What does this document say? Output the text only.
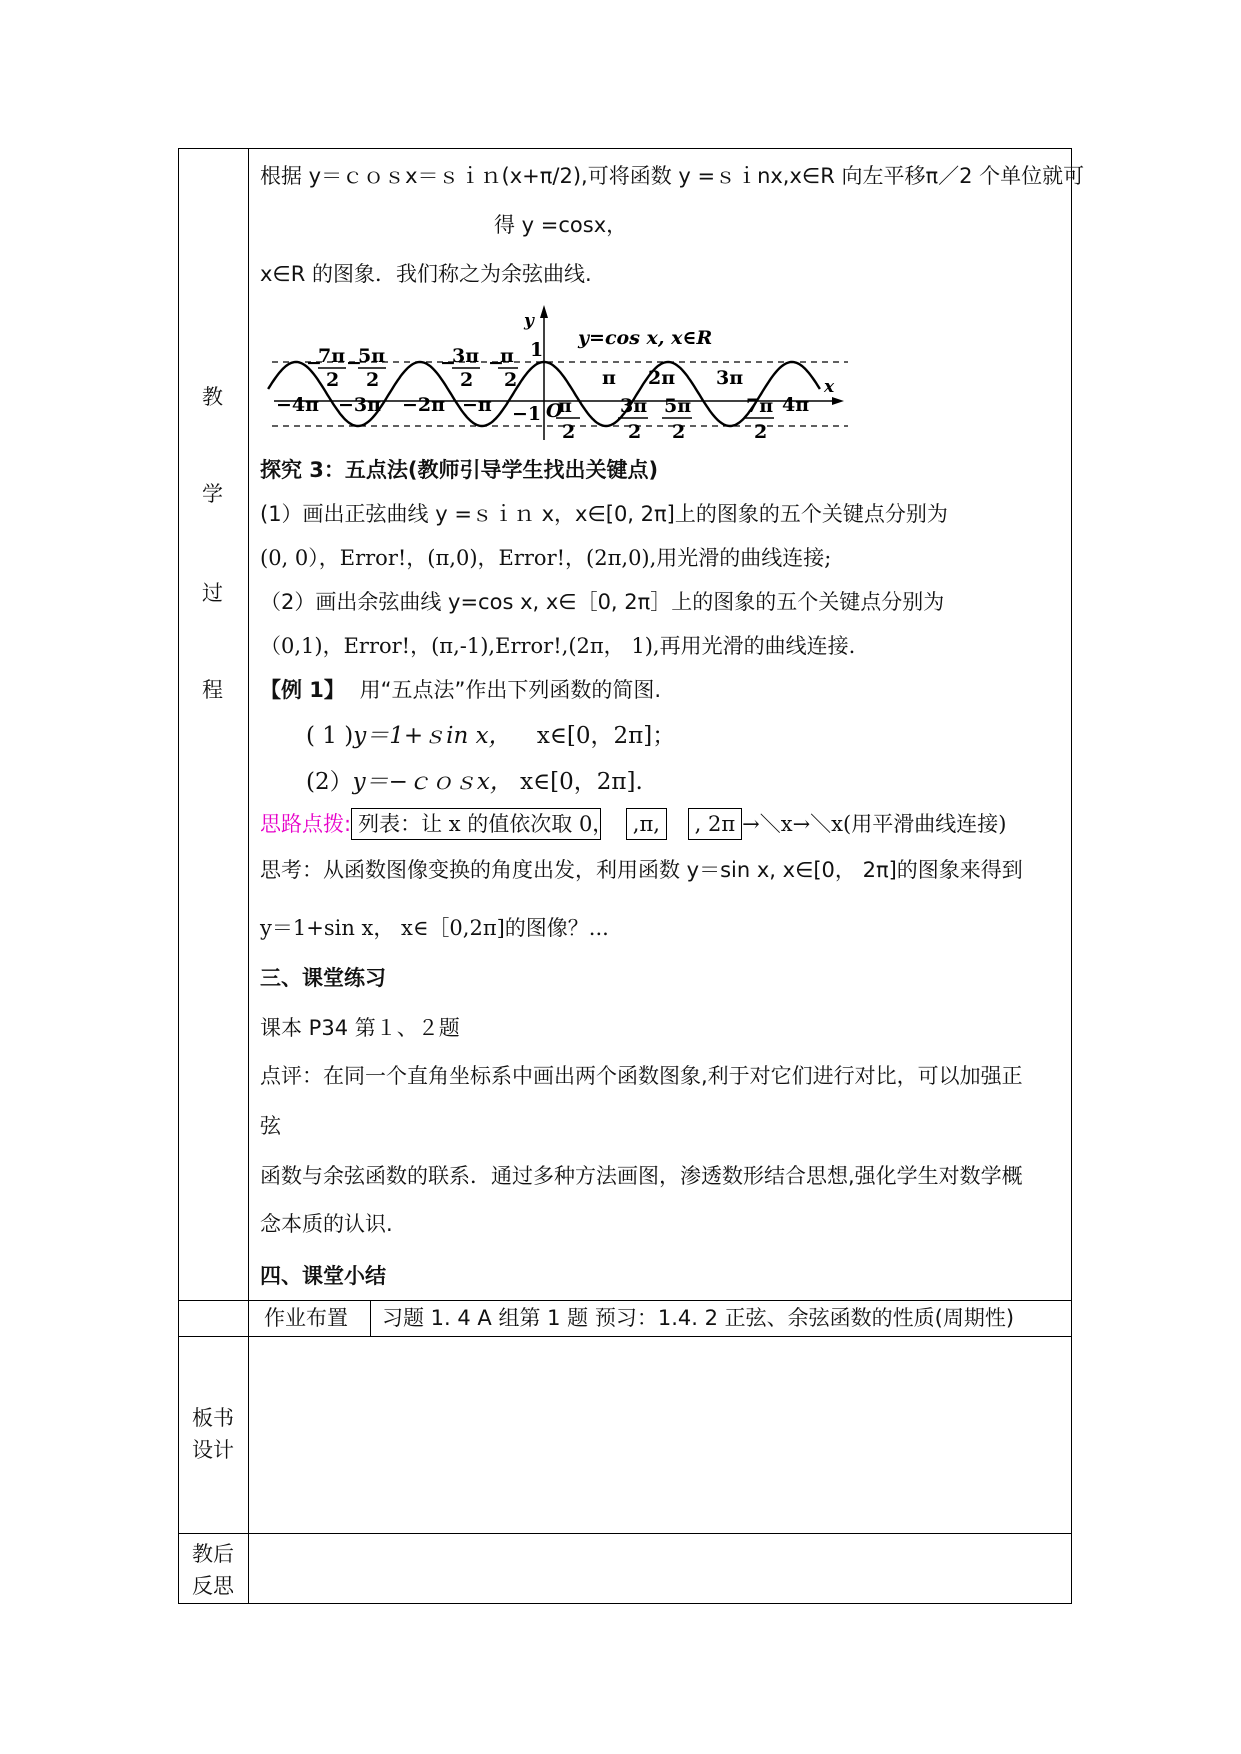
教
学
过
程
板书
设计
教后
反思
根据 y＝ｃｏｓx＝ｓｉｎ(x+π/2),可将函数 y =ｓｉnx,x∈R 向左平移π／2 个单位就可
得 y =cosx，
x∈R 的图象．我们称之为余弦曲线.
y=cos x, x∈R
y
x
1
−1 O
−4π −3π −2π −π	π
2
3π
2
5π
2
7π
2
4π
−
7π
2
−
5π
2
−
3π
2
−
π
2	π 2π 3π
探究 3：五点法(教师引导学生找出关键点)
(1）画出正弦曲线 y =ｓｉｎ x，x∈[0, 2π]上的图象的五个关键点分别为
(0, 0），Error!，(π,0)，Error!，(2π,0),用光滑的曲线连接;
（2）画出余弦曲线 y=cos x, x∈［0, 2π］上的图象的五个关键点分别为
（0,1)，Error!，(π,-1),Error!,(2π， 1),再用光滑的曲线连接.
【例 1】 用“五点法”作出下列函数的简图.
( 1 )y＝1+ｓin x， x∈[0，2π]；
(2）y＝−ｃｏｓx， x∈[0，2π].
思路点拨: 列表：让 x 的值依次取 0， ,π, , 2π →＼x→＼x(用平滑曲线连接)
思考：从函数图像变换的角度出发，利用函数 y＝sin x, x∈[0， 2π]的图象来得到
y＝1+sin x， x∈［0,2π]的图像？...
三、课堂练习
课本 P34 第１、２题
点评：在同一个直角坐标系中画出两个函数图象,利于对它们进行对比，可以加强正
弦
函数与余弦函数的联系．通过多种方法画图，渗透数形结合思想,强化学生对数学概
念本质的认识.
四、课堂小结
作业布置 习题 1. 4 A 组第 1 题 预习：1.4. 2 正弦、余弦函数的性质(周期性)
